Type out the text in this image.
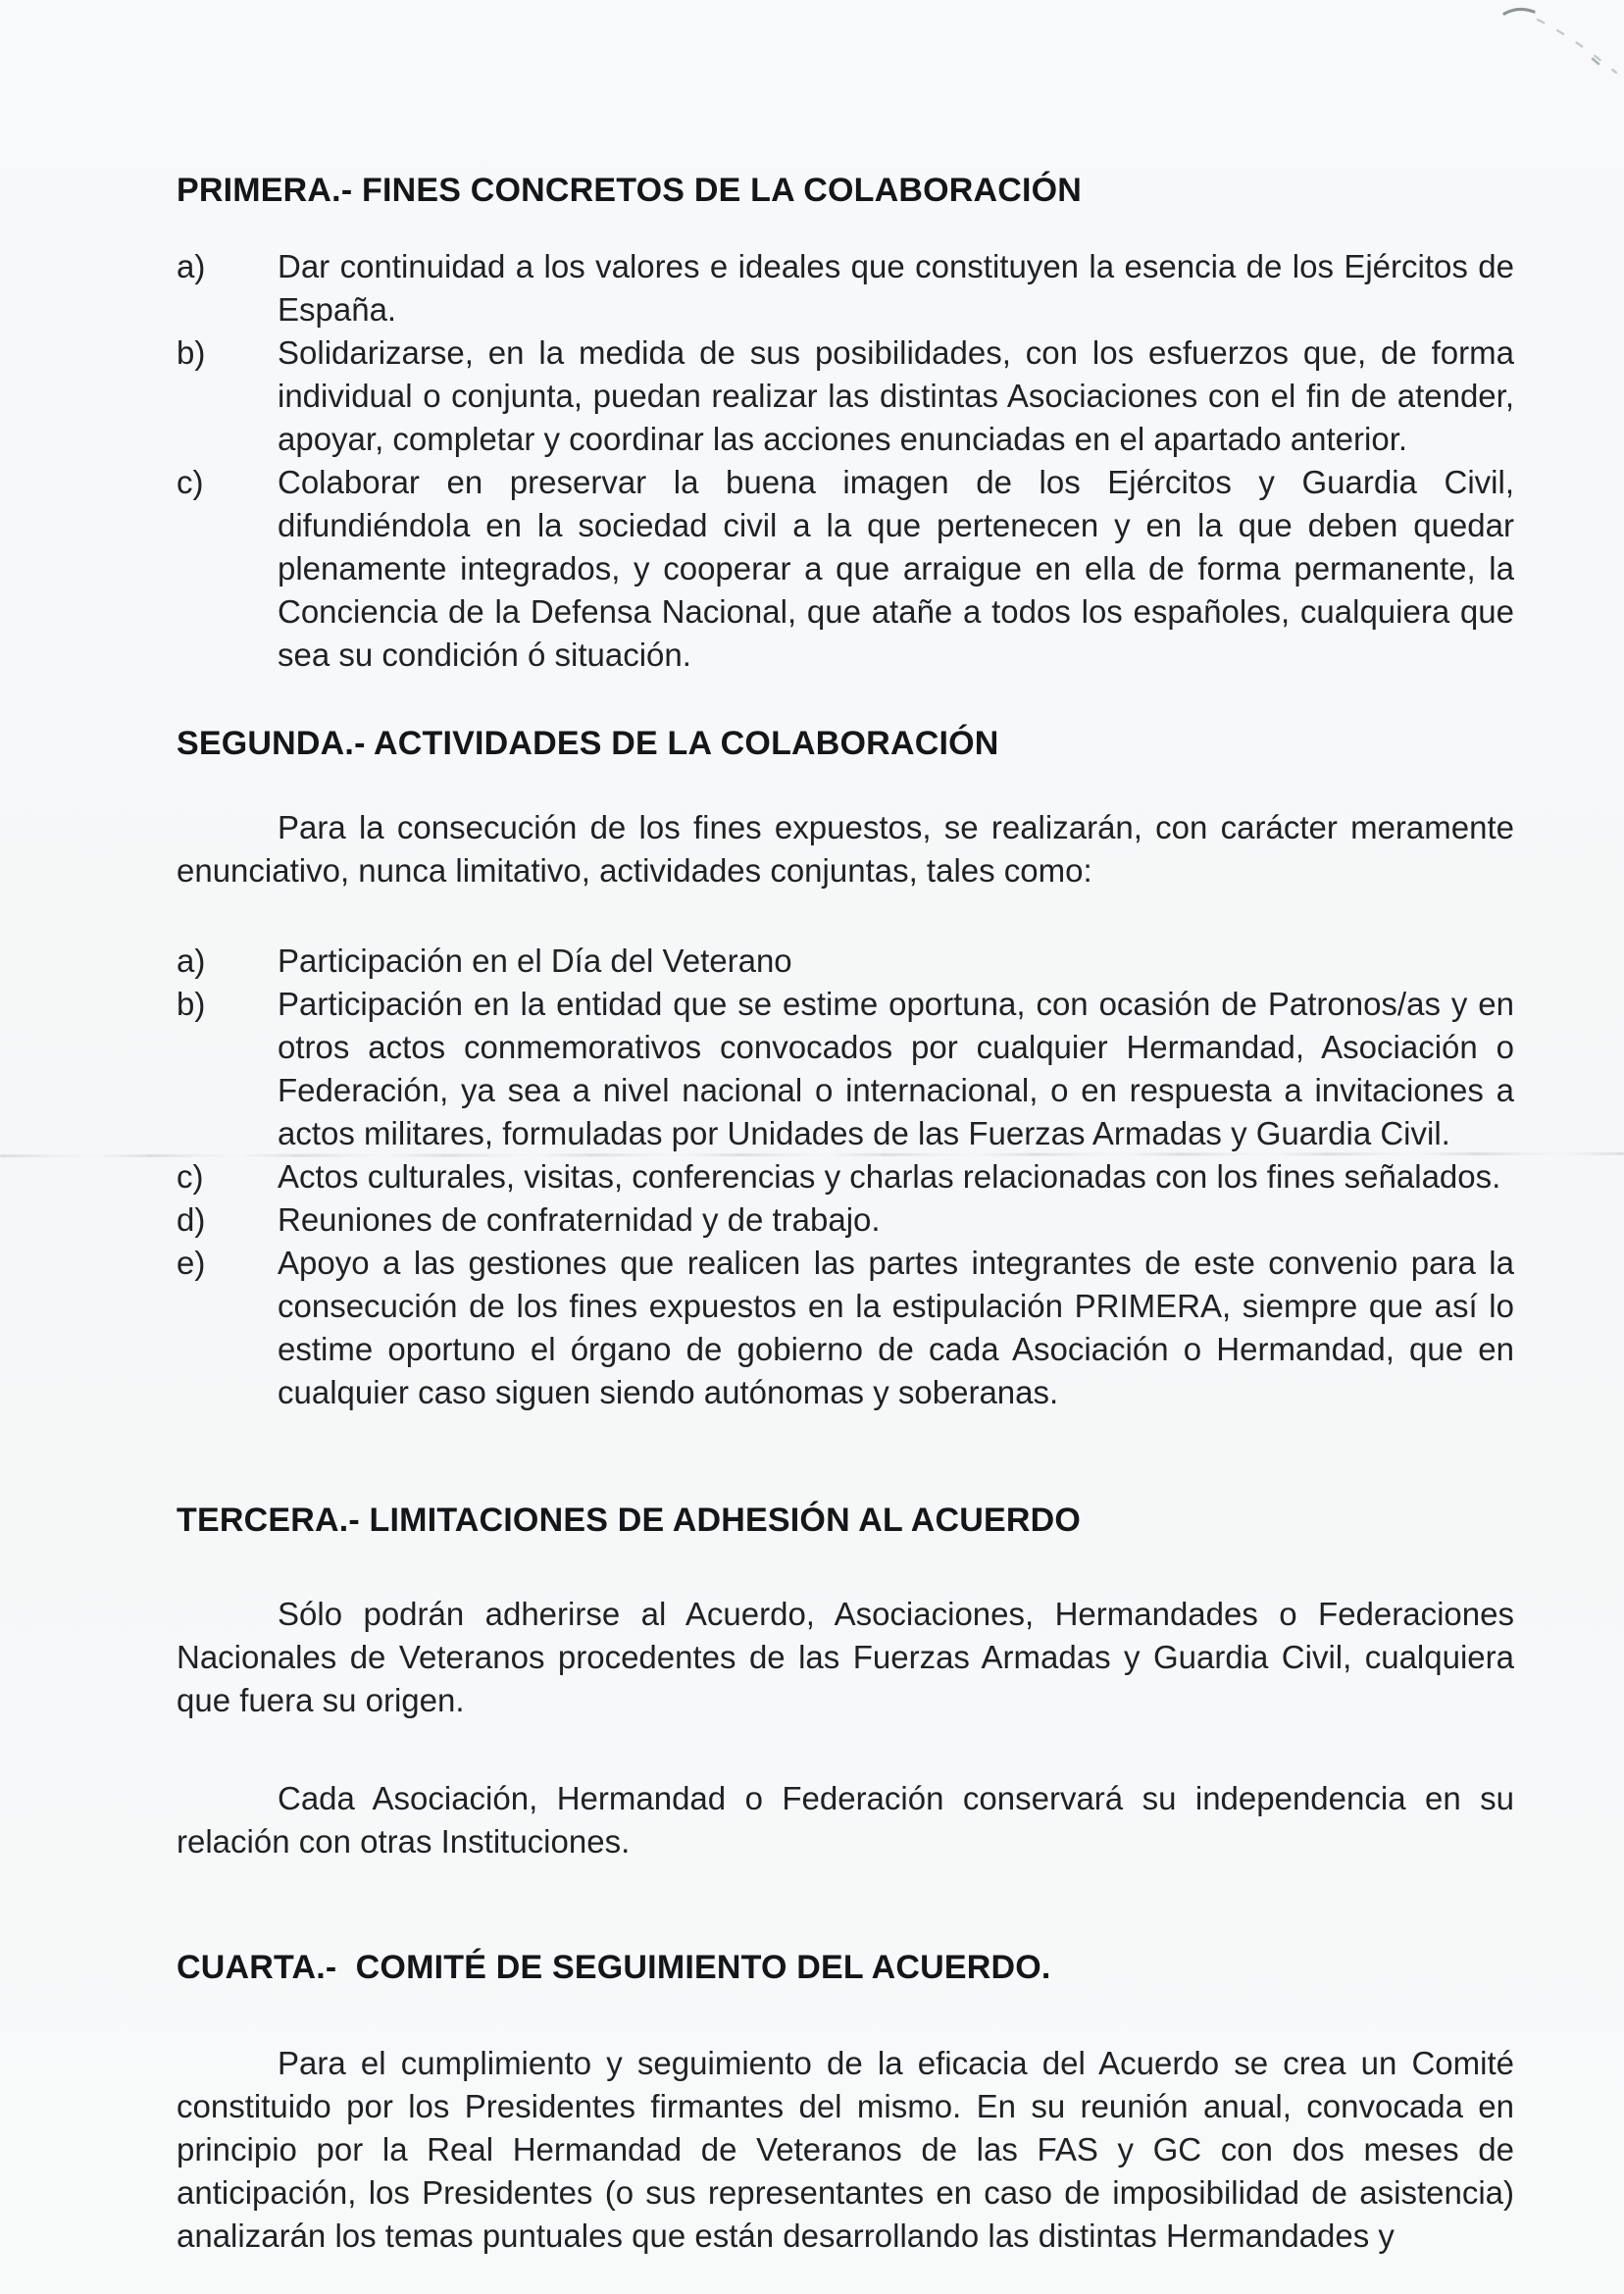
PRIMERA.- FINES CONCRETOS DE LA COLABORACIÓN
a)	Dar continuidad a los valores e ideales que constituyen la esencia de los Ejércitos de España.
b)	Solidarizarse, en la medida de sus posibilidades, con los esfuerzos que, de forma individual o conjunta, puedan realizar las distintas Asociaciones con el fin de atender, apoyar, completar y coordinar las acciones enunciadas en el apartado anterior.
c)	Colaborar en preservar la buena imagen de los Ejércitos y Guardia Civil, difundiéndola en la sociedad civil a la que pertenecen y en la que deben quedar plenamente integrados, y cooperar a que arraigue en ella de forma permanente, la Conciencia de la Defensa Nacional, que atañe a todos los españoles, cualquiera que sea su condición ó situación.
SEGUNDA.- ACTIVIDADES DE LA COLABORACIÓN

Para la consecución de los fines expuestos, se realizarán, con carácter meramente enunciativo, nunca limitativo, actividades conjuntas, tales como:

a)	Participación en el Día del Veterano
b)	Participación en la entidad que se estime oportuna, con ocasión de Patronos/as y en otros actos conmemorativos convocados por cualquier Hermandad, Asociación o Federación, ya sea a nivel nacional o internacional, o en respuesta a invitaciones a actos militares, formuladas por Unidades de las Fuerzas Armadas y Guardia Civil.
c)	Actos culturales, visitas, conferencias y charlas relacionadas con los fines señalados.
d)	Reuniones de confraternidad y de trabajo.
e)	Apoyo a las gestiones que realicen las partes integrantes de este convenio para la consecución de los fines expuestos en la estipulación PRIMERA, siempre que así lo estime oportuno el órgano de gobierno de cada Asociación o Hermandad, que en cualquier caso siguen siendo autónomas y soberanas.
TERCERA.- LIMITACIONES DE ADHESIÓN AL ACUERDO

Sólo podrán adherirse al Acuerdo, Asociaciones, Hermandades o Federaciones Nacionales de Veteranos procedentes de las Fuerzas Armadas y Guardia Civil, cualquiera que fuera su origen.

Cada Asociación, Hermandad o Federación conservará su independencia en su relación con otras Instituciones.

CUARTA.-  COMITÉ DE SEGUIMIENTO DEL ACUERDO.

Para el cumplimiento y seguimiento de la eficacia del Acuerdo se crea un Comité constituido por los Presidentes firmantes del mismo. En su reunión anual, convocada en principio por la Real Hermandad de Veteranos de las FAS y GC con dos meses de anticipación, los Presidentes (o sus representantes en caso de imposibilidad de asistencia) analizarán los temas puntuales que están desarrollando las distintas Hermandades y
